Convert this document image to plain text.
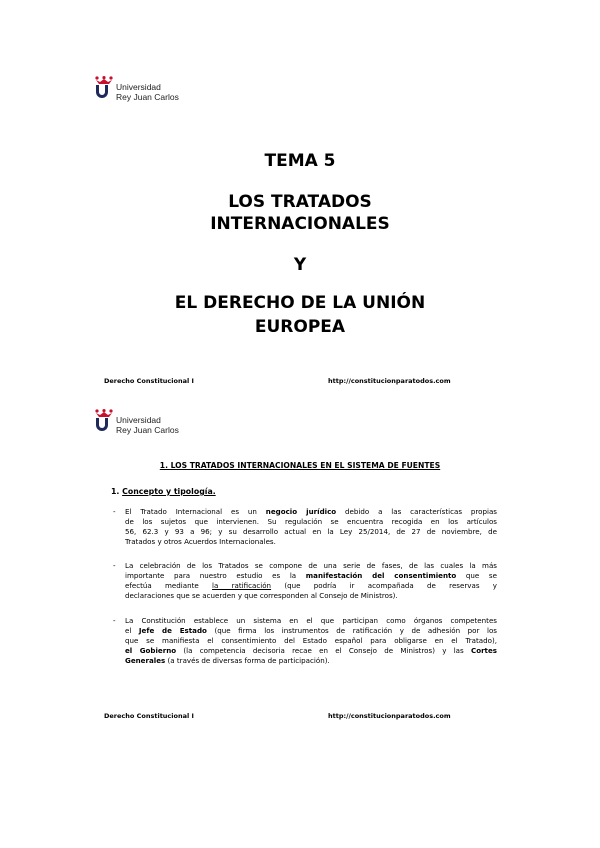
Universidad
Rey Juan Carlos
TEMA 5
LOS TRATADOS
INTERNACIONALES
Y
EL DERECHO DE LA UNIÓN
EUROPEA
Derecho Constitucional I	http://constitucionparatodos.com
Universidad
Rey Juan Carlos
1. LOS TRATADOS INTERNACIONALES EN EL SISTEMA DE FUENTES
1. Concepto y tipología.
-	El Tratado Internacional es un negocio jurídico debido a las características propias
de los sujetos que intervienen. Su regulación se encuentra recogida en los artículos
56, 62.3 y 93 a 96; y su desarrollo actual en la Ley 25/2014, de 27 de noviembre, de
Tratados y otros Acuerdos Internacionales.
-	La celebración de los Tratados se compone de una serie de fases, de las cuales la más
importante para nuestro estudio es la manifestación del consentimiento que se
efectúa mediante la ratificación (que podría ir acompañada de reservas y
declaraciones que se acuerden y que corresponden al Consejo de Ministros).
-	La Constitución establece un sistema en el que participan como órganos competentes
el Jefe de Estado (que firma los instrumentos de ratificación y de adhesión por los
que se manifiesta el consentimiento del Estado español para obligarse en el Tratado),
el Gobierno (la competencia decisoria recae en el Consejo de Ministros) y las Cortes
Generales (a través de diversas forma de participación).
Derecho Constitucional I	http://constitucionparatodos.com
